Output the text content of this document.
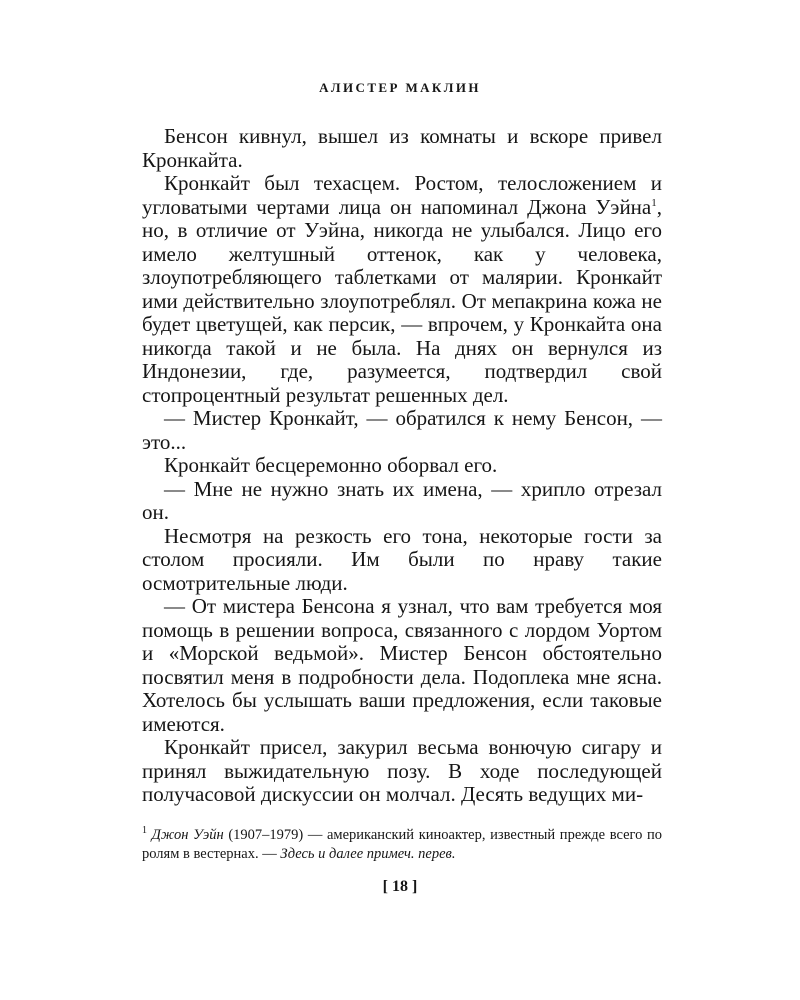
АЛИСТЕР МАКЛИН

Бенсон кивнул, вышел из комнаты и вскоре привел Кронкайта.

Кронкайт был техасцем. Ростом, телосложением и угловатыми чертами лица он напоминал Джона Уэйна$^1$, но, в отличие от Уэйна, никогда не улыбался. Лицо его имело желтушный оттенок, как у человека, злоупотребляющего таблетками от малярии. Кронкайт ими действительно злоупотреблял. От мепакрина кожа не будет цветущей, как персик, — впрочем, у Кронкайта она никогда такой и не была. На днях он вернулся из Индонезии, где, разумеется, подтвердил свой стопроцентный результат решенных дел.

— Мистер Кронкайт, — обратился к нему Бенсон, — это...

Кронкайт бесцеремонно оборвал его.

— Мне не нужно знать их имена, — хрипло отрезал он.

Несмотря на резкость его тона, некоторые гости за столом просияли. Им были по нраву такие осмотрительные люди.

— От мистера Бенсона я узнал, что вам требуется моя помощь в решении вопроса, связанного с лордом Уортом и «Морской ведьмой». Мистер Бенсон обстоятельно посвятил меня в подробности дела. Подоплека мне ясна. Хотелось бы услышать ваши предложения, если таковые имеются.

Кронкайт присел, закурил весьма вонючую сигару и принял выжидательную позу. В ходе последующей получасовой дискуссии он молчал. Десять ведущих ми-

$^1$ Джон Уэйн (1907–1979) — американский киноактер, известный прежде всего по ролям в вестернах. — Здесь и далее примеч. перев.
[ 18 ]
